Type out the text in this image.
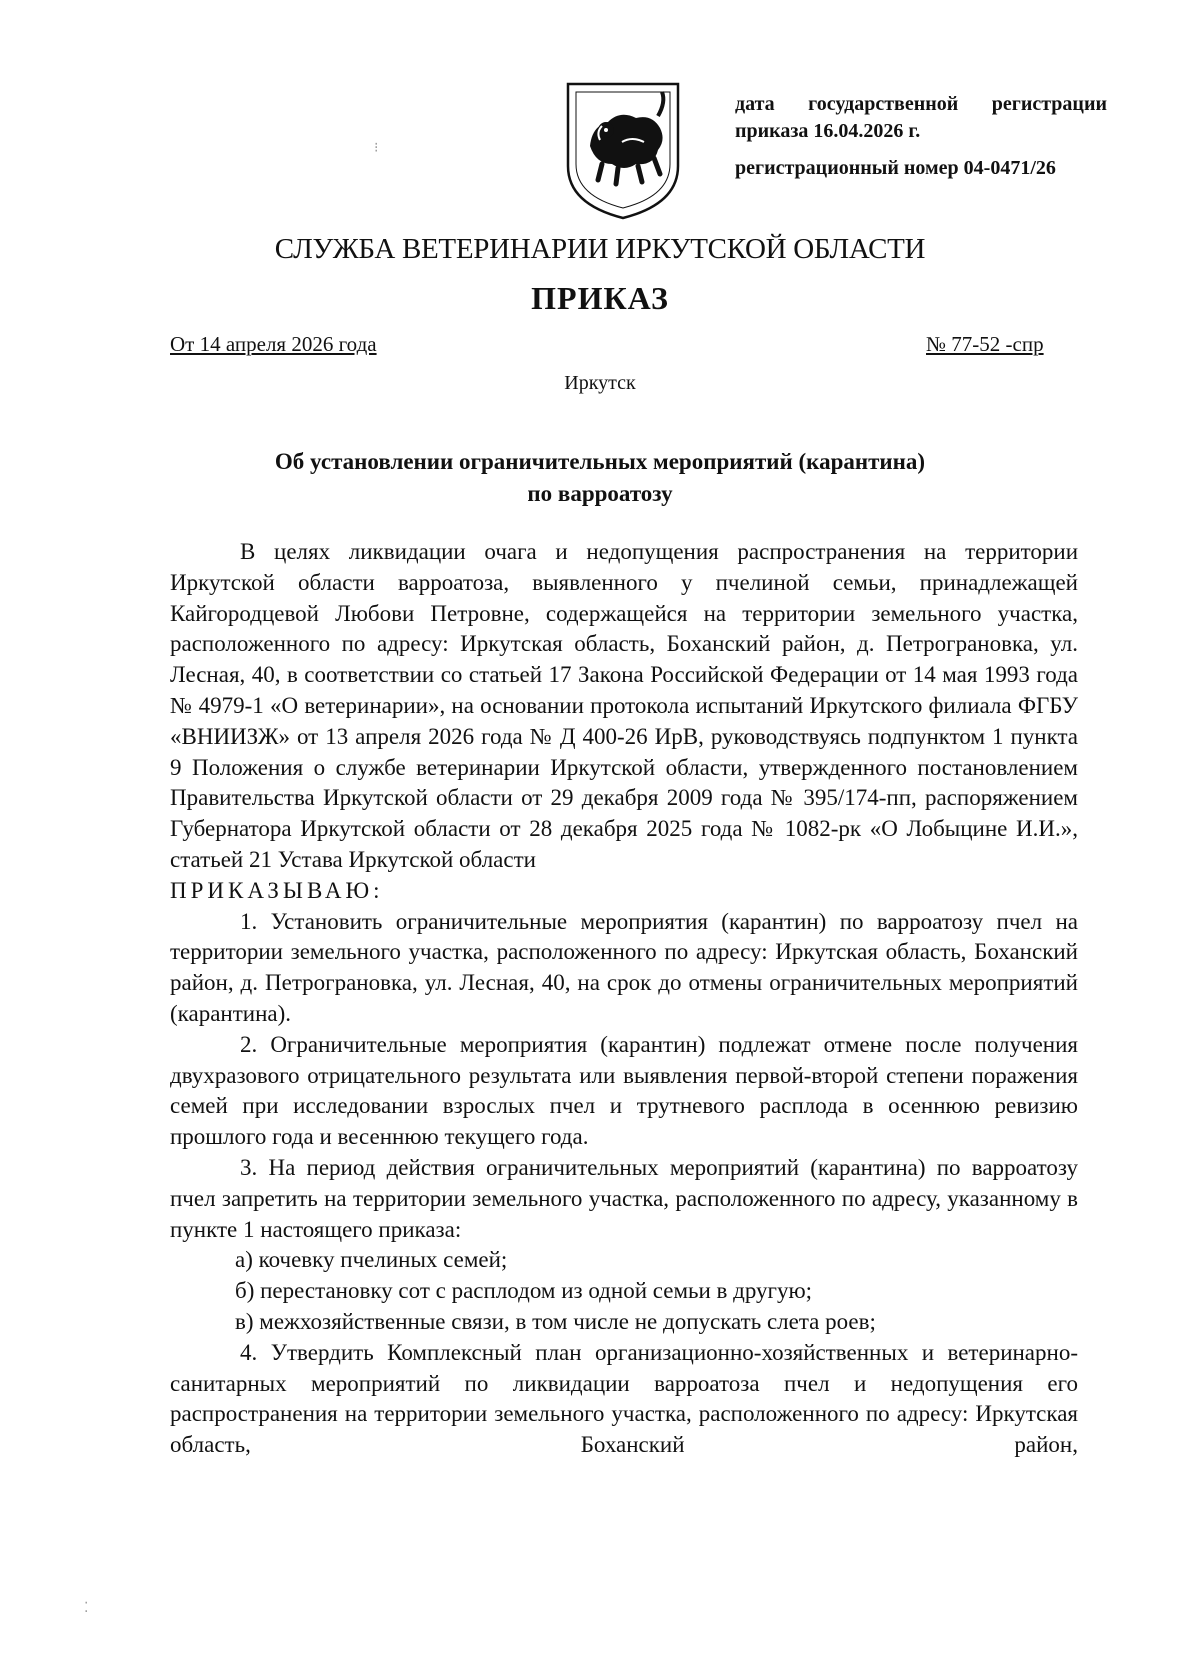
дата государственной регистрации
приказа 16.04.2026 г.
регистрационный номер 04-0471/26
СЛУЖБА ВЕТЕРИНАРИИ ИРКУТСКОЙ ОБЛАСТИ
ПРИКАЗ
От 14 апреля 2026 года	№ 77-52 -спр
Иркутск
Об установлении ограничительных мероприятий (карантина)
по варроатозу

В целях ликвидации очага и недопущения распространения на территории Иркутской области варроатоза, выявленного у пчелиной семьи, принадлежащей Кайгородцевой Любови Петровне, содержащейся на территории земельного участка, расположенного по адресу: Иркутская область, Боханский район, д. Петрограновка, ул. Лесная, 40, в соответствии со статьей 17 Закона Российской Федерации от 14 мая 1993 года № 4979-1 «О ветеринарии», на основании протокола испытаний Иркутского филиала ФГБУ «ВНИИЗЖ» от 13 апреля 2026 года № Д 400-26 ИрВ, руководствуясь подпунктом 1 пункта 9 Положения о службе ветеринарии Иркутской области, утвержденного постановлением Правительства Иркутской области от 29 декабря 2009 года № 395/174-пп, распоряжением Губернатора Иркутской области от 28 декабря 2025 года № 1082-рк «О Лобыцине И.И.», статьей 21 Устава Иркутской области

ПРИКАЗЫВАЮ:

1. Установить ограничительные мероприятия (карантин) по варроатозу пчел на территории земельного участка, расположенного по адресу: Иркутская область, Боханский район, д. Петрограновка, ул. Лесная, 40, на срок до отмены ограничительных мероприятий (карантина).

2. Ограничительные мероприятия (карантин) подлежат отмене после получения двухразового отрицательного результата или выявления первой-второй степени поражения семей при исследовании взрослых пчел и трутневого расплода в осеннюю ревизию прошлого года и весеннюю текущего года.

3. На период действия ограничительных мероприятий (карантина) по варроатозу пчел запретить на территории земельного участка, расположенного по адресу, указанному в пункте 1 настоящего приказа:

а) кочевку пчелиных семей;

б) перестановку сот с расплодом из одной семьи в другую;

в) межхозяйственные связи, в том числе не допускать слета роев;

4. Утвердить Комплексный план организационно-хозяйственных и ветеринарно-санитарных мероприятий по ликвидации варроатоза пчел и недопущения его распространения на территории земельного участка, расположенного по адресу: Иркутская область, Боханский район,

⁝
⁚
